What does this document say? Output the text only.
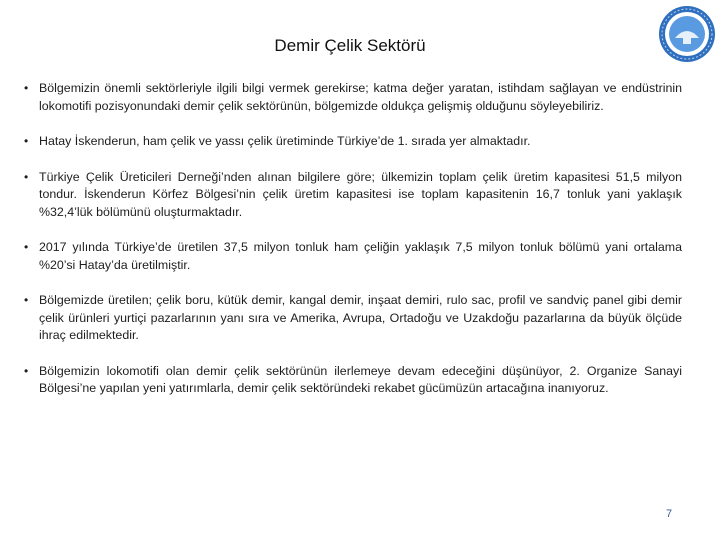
Demir Çelik Sektörü
• Bölgemizin önemli sektörleriyle ilgili bilgi vermek gerekirse; katma değer yaratan, istihdam sağlayan ve endüstrinin lokomotifi pozisyonundaki demir çelik sektörünün, bölgemizde oldukça gelişmiş olduğunu söyleyebiliriz.
• Hatay İskenderun, ham çelik ve yassı çelik üretiminde Türkiye’de 1. sırada yer almaktadır.
• Türkiye Çelik Üreticileri Derneği’nden alınan bilgilere göre; ülkemizin toplam çelik üretim kapasitesi 51,5 milyon tondur. İskenderun Körfez Bölgesi’nin çelik üretim kapasitesi ise toplam kapasitenin 16,7 tonluk yani yaklaşık %32,4’lük bölümünü oluşturmaktadır.
• 2017 yılında Türkiye’de üretilen 37,5 milyon tonluk ham çeliğin yaklaşık 7,5 milyon tonluk bölümü yani ortalama %20’si Hatay’da üretilmiştir.
• Bölgemizde üretilen; çelik boru, kütük demir, kangal demir, inşaat demiri, rulo sac, profil ve sandviç panel gibi demir çelik ürünleri yurtiçi pazarlarının yanı sıra ve Amerika, Avrupa, Ortadoğu ve Uzakdoğu pazarlarına da büyük ölçüde ihraç edilmektedir.
• Bölgemizin lokomotifi olan demir çelik sektörünün ilerlemeye devam edeceğini düşünüyor, 2. Organize Sanayi Bölgesi’ne yapılan yeni yatırımlarla, demir çelik sektöründeki rekabet gücümüzün artacağına inanıyoruz.
7
